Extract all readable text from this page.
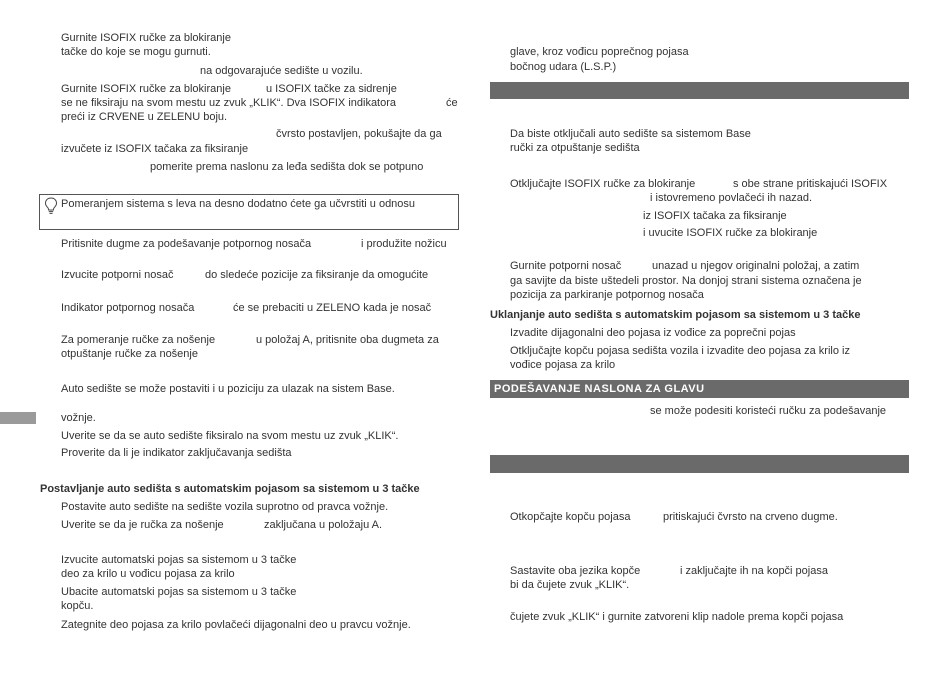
Gurnite ISOFIX ručke za blokiranje
tačke do koje se mogu gurnuti.
na odgovarajuće sedište u vozilu.
Gurnite ISOFIX ručke za blokiranje	u ISOFIX tačke za sidrenje
se ne fiksiraju na svom mestu uz zvuk „KLIK“. Dva ISOFIX indikatora	će
preći iz CRVENE u ZELENU boju.
čvrsto postavljen, pokušajte da ga
izvučete iz ISOFIX tačaka za fiksiranje
pomerite prema naslonu za leđa sedišta dok se potpuno
Pomeranjem sistema s leva na desno dodatno ćete ga učvrstiti u odnosu
Pritisnite dugme za podešavanje potpornog nosača	i produžite nožicu
Izvucite potporni nosač	do sledeće pozicije za fiksiranje da omogućite
Indikator potpornog nosača	će se prebaciti u ZELENO kada je nosač
Za pomeranje ručke za nošenje	u položaj A, pritisnite oba dugmeta za
otpuštanje ručke za nošenje
Auto sedište se može postaviti i u poziciju za ulazak na sistem Base.
vožnje.
Uverite se da se auto sedište fiksiralo na svom mestu uz zvuk „KLIK“.
Proverite da li je indikator zaključavanja sedišta
Postavljanje auto sedišta s automatskim pojasom sa sistemom u 3 tačke
Postavite auto sedište na sedište vozila suprotno od pravca vožnje.
Uverite se da je ručka za nošenje	zaključana u položaju A.
Izvucite automatski pojas sa sistemom u 3 tačke
deo za krilo u vođicu pojasa za krilo
Ubacite automatski pojas sa sistemom u 3 tačke
kopču.
Zategnite deo pojasa za krilo povlačeći dijagonalni deo u pravcu vožnje.
glave, kroz vođicu poprečnog pojasa
bočnog udara (L.S.P.)
Da biste otključali auto sedište sa sistemom Base
ručki za otpuštanje sedišta
Otključajte ISOFIX ručke za blokiranje	s obe strane pritiskajući ISOFIX
i istovremeno povlačeći ih nazad.
iz ISOFIX tačaka za fiksiranje
i uvucite ISOFIX ručke za blokiranje
Gurnite potporni nosač	unazad u njegov originalni položaj, a zatim
ga savijte da biste uštedeli prostor. Na donjoj strani sistema označena je
pozicija za parkiranje potpornog nosača
Uklanjanje auto sedišta s automatskim pojasom sa sistemom u 3 tačke
Izvadite dijagonalni deo pojasa iz vođice za poprečni pojas
Otključajte kopču pojasa sedišta vozila i izvadite deo pojasa za krilo iz
vođice pojasa za krilo
PODEŠAVANJE NASLONA ZA GLAVU
se može podesiti koristeći ručku za podešavanje
Otkopčajte kopču pojasa	pritiskajući čvrsto na crveno dugme.
Sastavite oba jezika kopče	i zaključajte ih na kopči pojasa
bi da čujete zvuk „KLIK“.
čujete zvuk „KLIK“ i gurnite zatvoreni klip nadole prema kopči pojasa
